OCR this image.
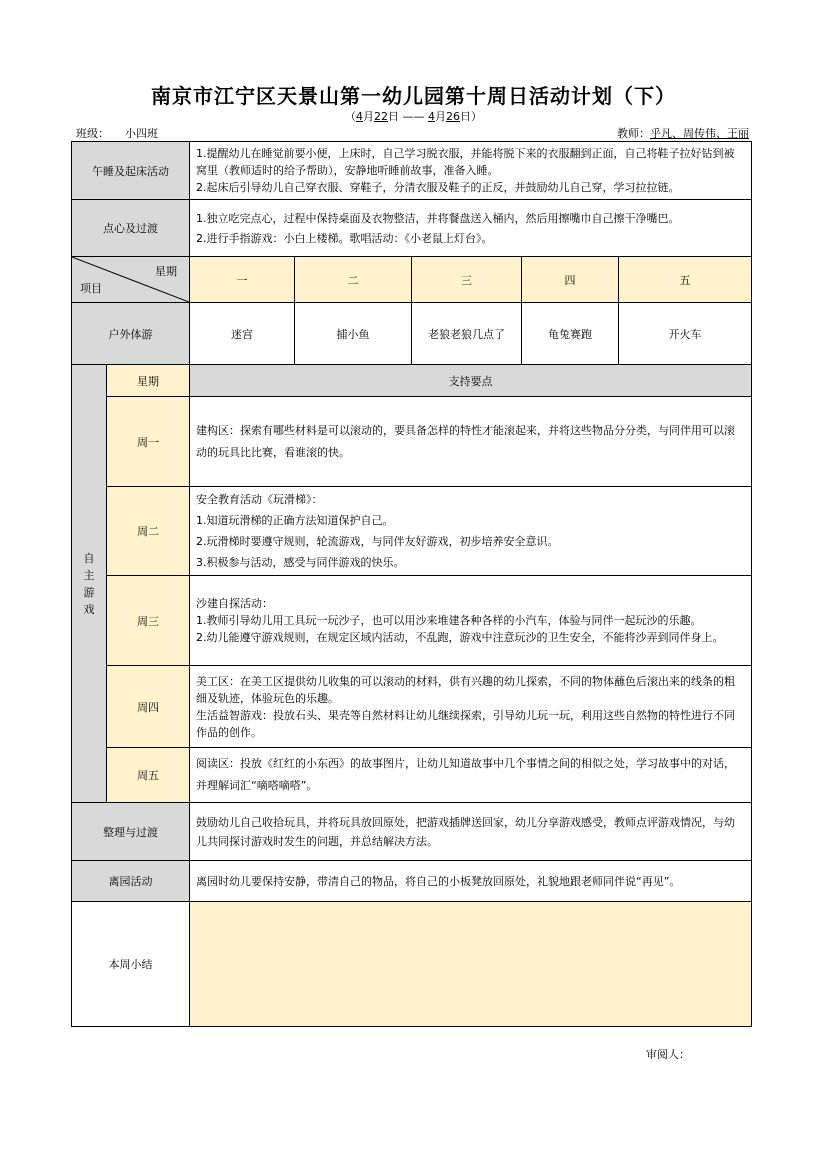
南京市江宁区天景山第一幼儿园第十周日活动计划（下）
（4月22日 —— 4月26日）
班级： 小四班	教师：乎凡、周传伟、王丽
午睡及起床活动		1.提醒幼儿在睡觉前要小便，上床时，自己学习脱衣服，并能将脱下来的衣服翻到正面，自己将鞋子拉好钻到被窝里（教师适时的给予帮助），安静地听睡前故事，准备入睡。
2.起床后引导幼儿自己穿衣服、穿鞋子，分清衣服及鞋子的正反，并鼓励幼儿自己穿，学习拉拉链。				

点心及过渡		1.独立吃完点心，过程中保持桌面及衣物整洁，并将餐盘送入桶内，然后用擦嘴巾自己擦干净嘴巴。
2.进行手指游戏：小白上楼梯。歌唱活动：《小老鼠上灯台》。				

星期
项目		一	二	三	四	五
户外体游		迷宫	捕小鱼	老狼老狼几点了	龟兔赛跑	开火车

自
主
游
戏	星期	支持要点				
	周一	建构区：探索有哪些材料是可以滚动的，要具备怎样的特性才能滚起来，并将这些物品分分类，与同伴用可以滚动的玩具比比赛，看谁滚的快。				

	周二	安全教育活动《玩滑梯》：
1.知道玩滑梯的正确方法知道保护自己。
2.玩滑梯时要遵守规则，轮流游戏，与同伴友好游戏，初步培养安全意识。
3.积极参与活动，感受与同伴游戏的快乐。				

	周三	沙建自探活动：
1.教师引导幼儿用工具玩一玩沙子，也可以用沙来堆建各种各样的小汽车，体验与同伴一起玩沙的乐趣。
2.幼儿能遵守游戏规则，在规定区域内活动，不乱跑，游戏中注意玩沙的卫生安全，不能将沙弄到同伴身上。				

	周四	美工区：在美工区提供幼儿收集的可以滚动的材料，供有兴趣的幼儿探索，不同的物体蘸色后滚出来的线条的粗细及轨迹，体验玩色的乐趣。
生活益智游戏：投放石头、果壳等自然材料让幼儿继续探索，引导幼儿玩一玩，利用这些自然物的特性进行不同作品的创作。				

	周五	阅读区：投放《红红的小东西》的故事图片，让幼儿知道故事中几个事情之间的相似之处，学习故事中的对话，并理解词汇“嘀嗒嘀嗒”。				

整理与过渡		鼓励幼儿自己收拾玩具，并将玩具放回原处，把游戏插牌送回家，幼儿分享游戏感受，教师点评游戏情况，与幼儿共同探讨游戏时发生的问题，并总结解决方法。				

离园活动		离园时幼儿要保持安静，带清自己的物品，将自己的小板凳放回原处，礼貌地跟老师同伴说“再见”。				

本周小结						
审阅人：
